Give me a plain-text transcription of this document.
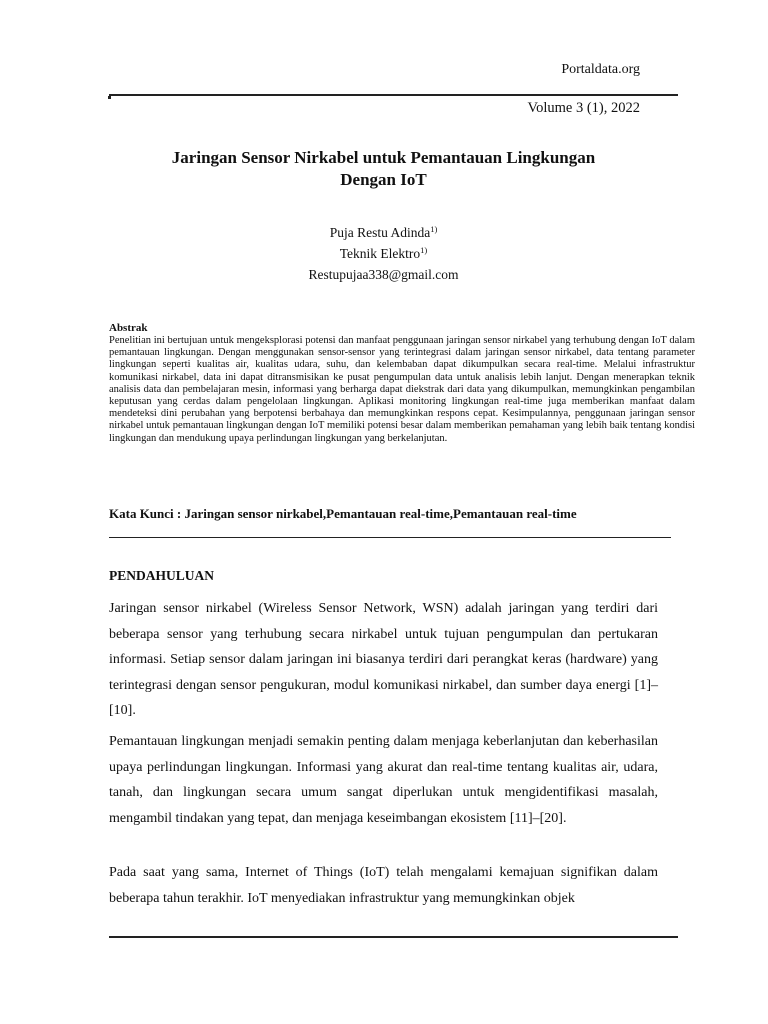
Portaldata.org
Volume 3 (1), 2022
Jaringan Sensor Nirkabel untuk Pemantauan Lingkungan
Dengan IoT
Puja Restu Adinda$^{1)}$
Teknik Elektro$^{1)}$
Restupujaa338@gmail.com
Abstrak
Penelitian ini bertujuan untuk mengeksplorasi potensi dan manfaat penggunaan jaringan sensor nirkabel yang terhubung dengan IoT dalam pemantauan lingkungan. Dengan menggunakan sensor-sensor yang terintegrasi dalam jaringan sensor nirkabel, data tentang parameter lingkungan seperti kualitas air, kualitas udara, suhu, dan kelembaban dapat dikumpulkan secara real-time. Melalui infrastruktur komunikasi nirkabel, data ini dapat ditransmisikan ke pusat pengumpulan data untuk analisis lebih lanjut. Dengan menerapkan teknik analisis data dan pembelajaran mesin, informasi yang berharga dapat diekstrak dari data yang dikumpulkan, memungkinkan pengambilan keputusan yang cerdas dalam pengelolaan lingkungan. Aplikasi monitoring lingkungan real-time juga memberikan manfaat dalam mendeteksi dini perubahan yang berpotensi berbahaya dan memungkinkan respons cepat. Kesimpulannya, penggunaan jaringan sensor nirkabel untuk pemantauan lingkungan dengan IoT memiliki potensi besar dalam memberikan pemahaman yang lebih baik tentang kondisi lingkungan dan mendukung upaya perlindungan lingkungan yang berkelanjutan.
Kata Kunci : Jaringan sensor nirkabel,Pemantauan real-time,Pemantauan real-time
PENDAHULUAN

Jaringan sensor nirkabel (Wireless Sensor Network, WSN) adalah jaringan yang terdiri dari beberapa sensor yang terhubung secara nirkabel untuk tujuan pengumpulan dan pertukaran informasi. Setiap sensor dalam jaringan ini biasanya terdiri dari perangkat keras (hardware) yang terintegrasi dengan sensor pengukuran, modul komunikasi nirkabel, dan sumber daya energi [1]–[10].

Pemantauan lingkungan menjadi semakin penting dalam menjaga keberlanjutan dan keberhasilan upaya perlindungan lingkungan. Informasi yang akurat dan real-time tentang kualitas air, udara, tanah, dan lingkungan secara umum sangat diperlukan untuk mengidentifikasi masalah, mengambil tindakan yang tepat, dan menjaga keseimbangan ekosistem [11]–[20].

Pada saat yang sama, Internet of Things (IoT) telah mengalami kemajuan signifikan dalam beberapa tahun terakhir. IoT menyediakan infrastruktur yang memungkinkan objek
